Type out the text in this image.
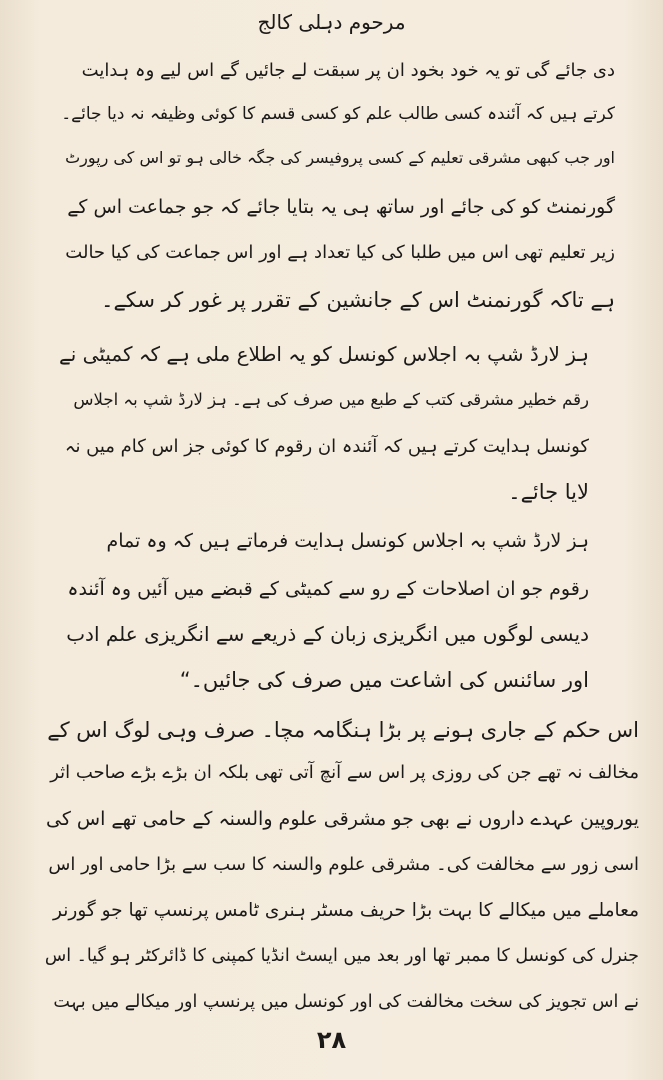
مرحوم دہلی کالج
دی جائے گی تو یہ خود بخود ان پر سبقت لے جائیں گے اس لیے وہ ہدایت
کرتے ہیں کہ آئندہ کسی طالب علم کو کسی قسم کا کوئی وظیفہ نہ دیا جائے۔
اور جب کبھی مشرقی تعلیم کے کسی پروفیسر کی جگہ خالی ہو تو اس کی رپورٹ
گورنمنٹ کو کی جائے اور ساتھ ہی یہ بتایا جائے کہ جو جماعت اس کے
زیر تعلیم تھی اس میں طلبا کی کیا تعداد ہے اور اس جماعت کی کیا حالت
ہے تاکہ گورنمنٹ اس کے جانشین کے تقرر پر غور کر سکے۔
ہز لارڈ شپ بہ اجلاس کونسل کو یہ اطلاع ملی ہے کہ کمیٹی نے
رقم خطیر مشرقی کتب کے طبع میں صرف کی ہے۔ ہز لارڈ شپ بہ اجلاس
کونسل ہدایت کرتے ہیں کہ آئندہ ان رقوم کا کوئی جز اس کام میں نہ
لایا جائے۔
ہز لارڈ شپ بہ اجلاس کونسل ہدایت فرماتے ہیں کہ وہ تمام
رقوم جو ان اصلاحات کے رو سے کمیٹی کے قبضے میں آئیں وہ آئندہ
دیسی لوگوں میں انگریزی زبان کے ذریعے سے انگریزی علم ادب
اور سائنس کی اشاعت میں صرف کی جائیں۔“
اس حکم کے جاری ہونے پر بڑا ہنگامہ مچا۔ صرف وہی لوگ اس کے
مخالف نہ تھے جن کی روزی پر اس سے آنچ آتی تھی بلکہ ان بڑے بڑے صاحب اثر
یوروپین عہدے داروں نے بھی جو مشرقی علوم والسنہ کے حامی تھے اس کی
اسی زور سے مخالفت کی۔ مشرقی علوم والسنہ کا سب سے بڑا حامی اور اس
معاملے میں میکالے کا بہت بڑا حریف مسٹر ہنری ٹامس پرنسپ تھا جو گورنر
جنرل کی کونسل کا ممبر تھا اور بعد میں ایسٹ انڈیا کمپنی کا ڈائرکٹر ہو گیا۔ اس
نے اس تجویز کی سخت مخالفت کی اور کونسل میں پرنسپ اور میکالے میں بہت
۲۸
